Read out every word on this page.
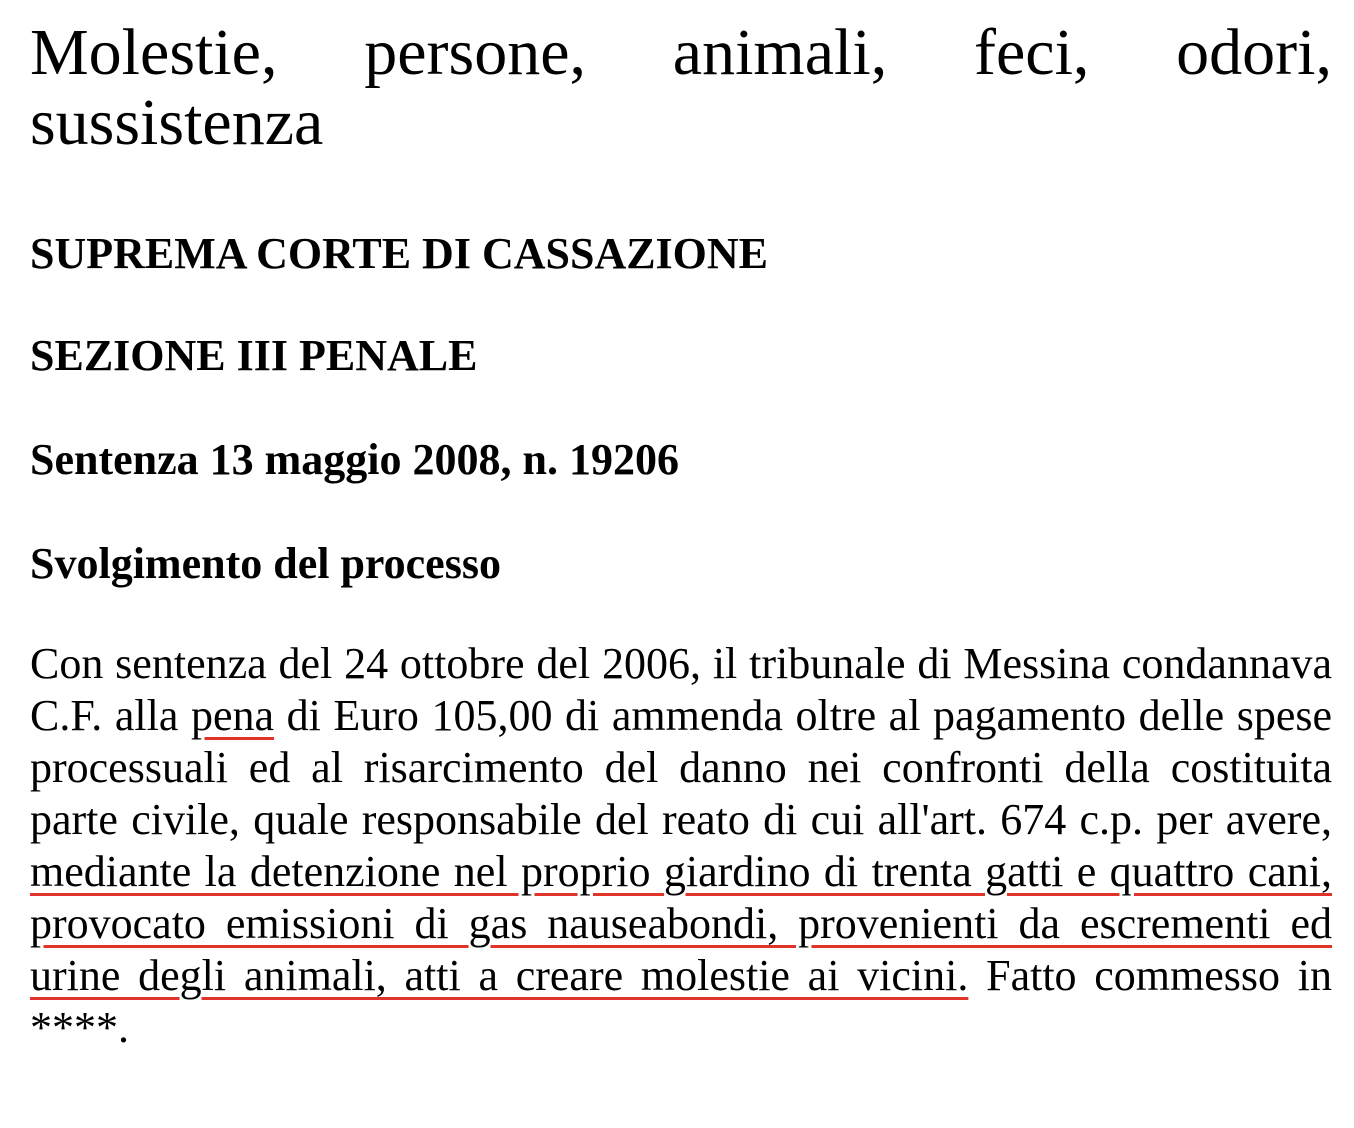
Molestie, persone, animali, feci, odori, sussistenza
SUPREMA CORTE DI CASSAZIONE
SEZIONE III PENALE
Sentenza 13 maggio 2008, n. 19206
Svolgimento del processo

Con sentenza del 24 ottobre del 2006, il tribunale di Messina condannava C.F. alla pena di Euro 105,00 di ammenda oltre al pagamento delle spese processuali ed al risarcimento del danno nei confronti della costituita parte civile, quale responsabile del reato di cui all'art. 674 c.p. per avere, mediante la detenzione nel proprio giardino di trenta gatti e quattro cani, provocato emissioni di gas nauseabondi, provenienti da escrementi ed urine degli animali, atti a creare molestie ai vicini. Fatto commesso in ****.
